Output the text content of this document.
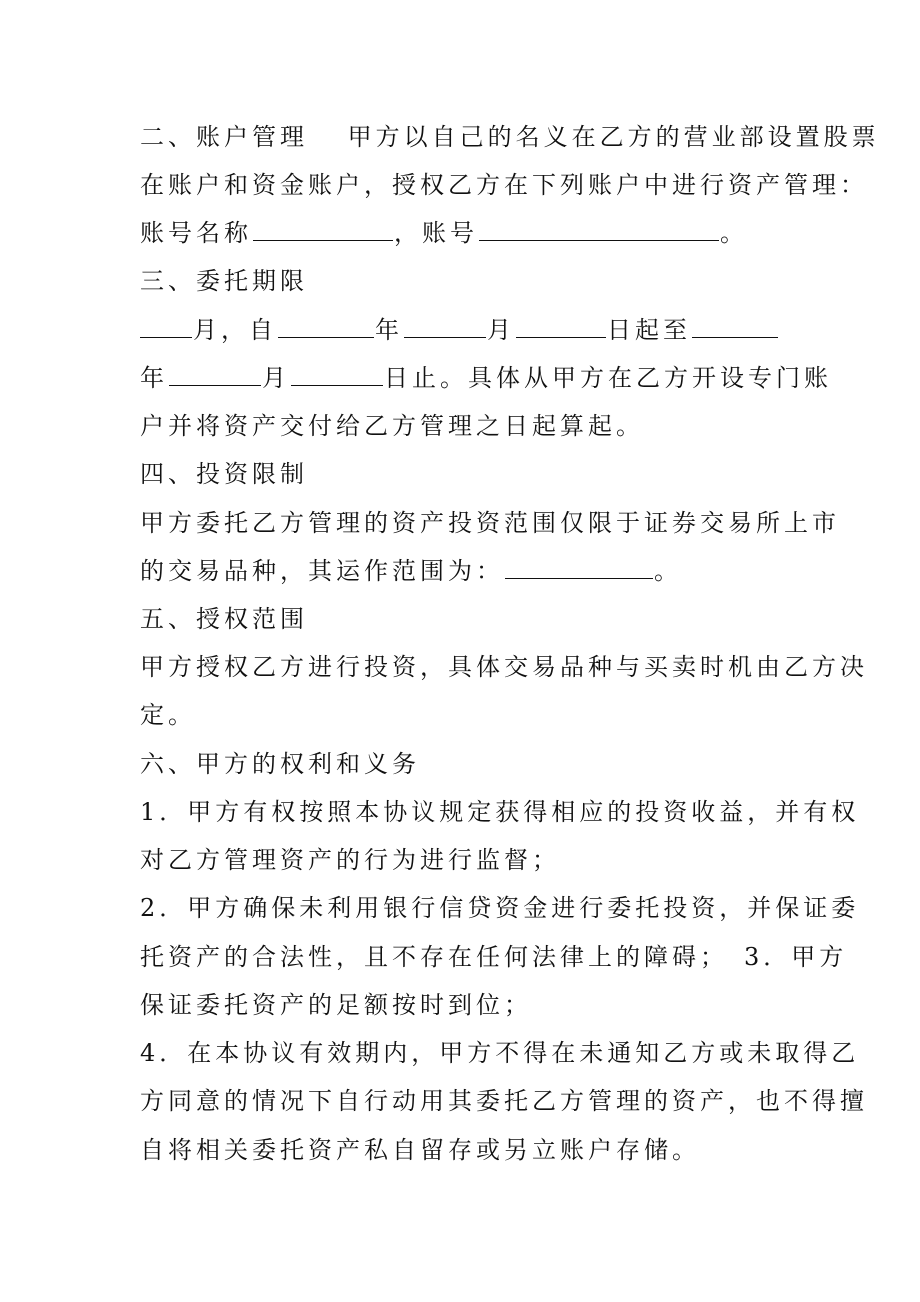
二、账户管理　 甲方以自己的名义在乙方的营业部设置股票
在账户和资金账户，授权乙方在下列账户中进行资产管理：
账号名称	，账号	。
三、委托期限
月，自	年	月	日起至
年	月	日止。具体从甲方在乙方开设专门账
户并将资产交付给乙方管理之日起算起。
四、投资限制
甲方委托乙方管理的资产投资范围仅限于证券交易所上市
的交易品种，其运作范围为：	。
五、授权范围
甲方授权乙方进行投资，具体交易品种与买卖时机由乙方决
定。
六、甲方的权利和义务
1．甲方有权按照本协议规定获得相应的投资收益，并有权
对乙方管理资产的行为进行监督；
2．甲方确保未利用银行信贷资金进行委托投资，并保证委
托资产的合法性，且不存在任何法律上的障碍；　3．甲方
保证委托资产的足额按时到位；
4．在本协议有效期内，甲方不得在未通知乙方或未取得乙
方同意的情况下自行动用其委托乙方管理的资产，也不得擅
自将相关委托资产私自留存或另立账户存储。
